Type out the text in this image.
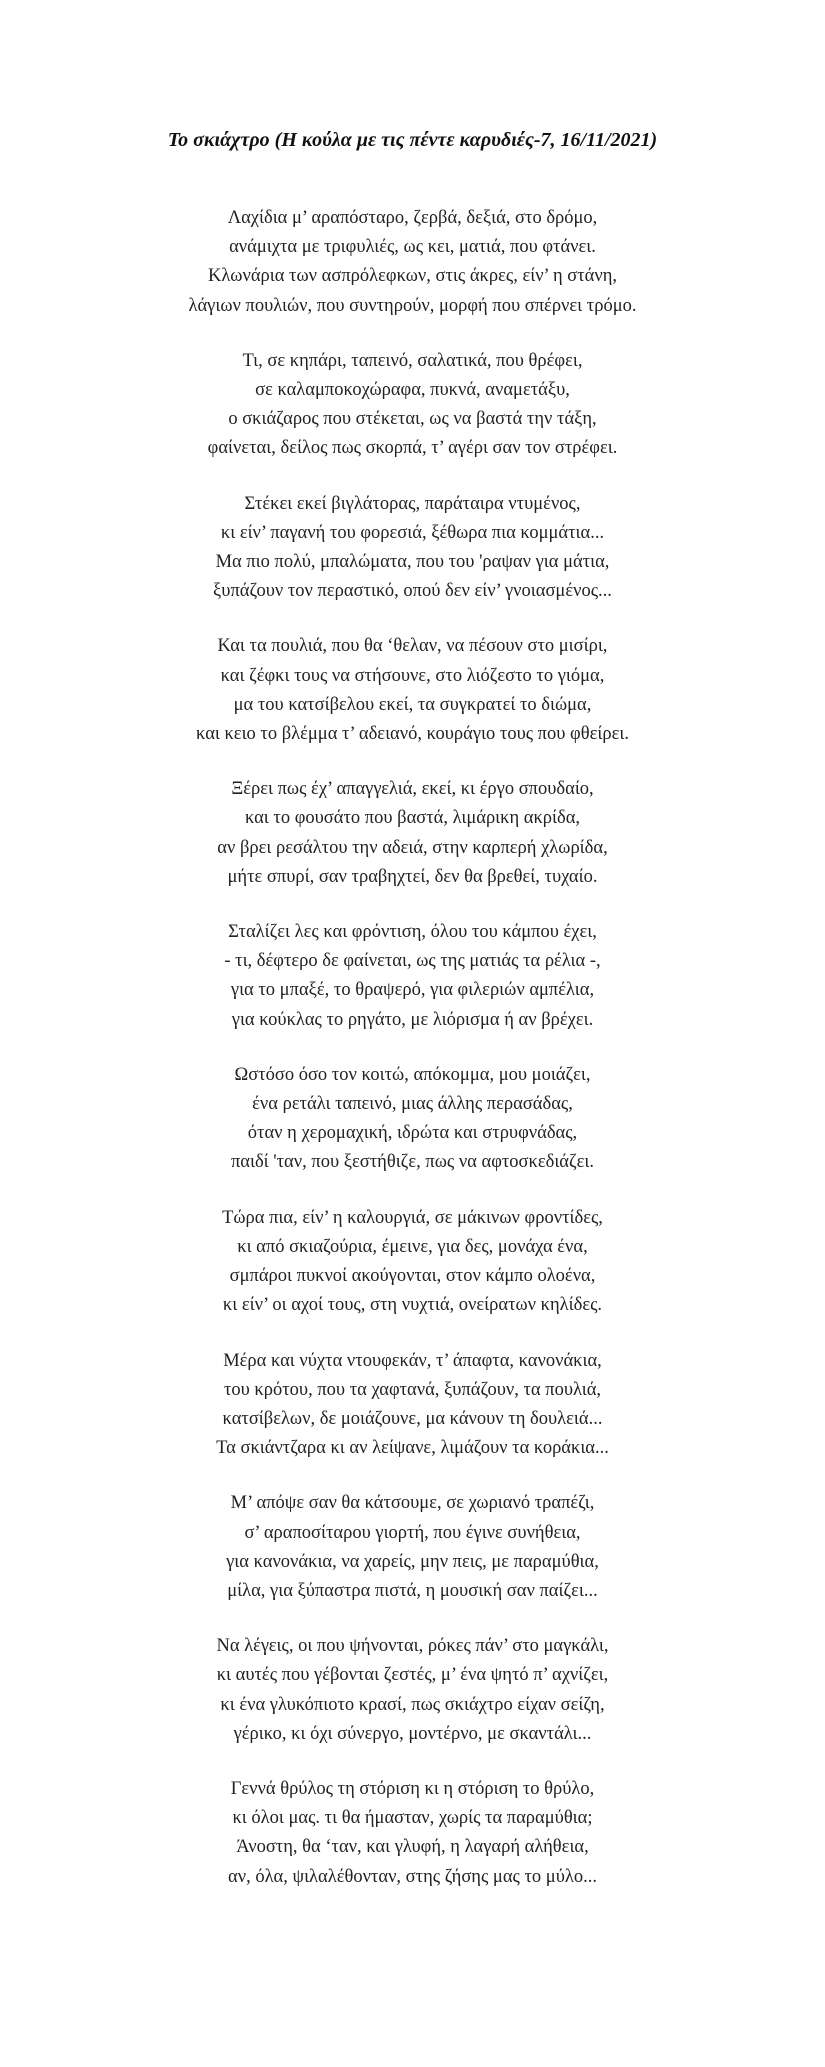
Το σκιάχτρο (Η κούλα με τις πέντε καρυδιές-7, 16/11/2021)
Λαχίδια μ’ αραπόσταρο, ζερβά, δεξιά, στο δρόμο,
ανάμιχτα με τριφυλιές, ως κει, ματιά, που φτάνει.
Κλωνάρια των ασπρόλεφκων, στις άκρες, είν’ η στάνη,
λάγιων πουλιών, που συντηρούν, μορφή που σπέρνει τρόμο.
Τι, σε κηπάρι, ταπεινό, σαλατικά, που θρέφει,
σε καλαμποκοχώραφα, πυκνά, αναμετάξυ,
ο σκιάζαρος που στέκεται, ως να βαστά την τάξη,
φαίνεται, δείλος πως σκορπά, τ’ αγέρι σαν τον στρέφει.
Στέκει εκεί βιγλάτορας, παράταιρα ντυμένος,
κι είν’ παγανή του φορεσιά, ξέθωρα πια κομμάτια...
Μα πιο πολύ, μπαλώματα, που του 'ραψαν για μάτια,
ξυπάζουν τον περαστικό, οπού δεν είν’ γνοιασμένος...
Και τα πουλιά, που θα ‘θελαν, να πέσουν στο μισίρι,
και ζέφκι τους να στήσουνε, στο λιόζεστο το γιόμα,
μα του κατσίβελου εκεί, τα συγκρατεί το διώμα,
και κειο το βλέμμα τ’ αδειανό, κουράγιο τους που φθείρει.
Ξέρει πως έχ’ απαγγελιά, εκεί, κι έργο σπουδαίο,
και το φουσάτο που βαστά, λιμάρικη ακρίδα,
αν βρει ρεσάλτου την αδειά, στην καρπερή χλωρίδα,
μήτε σπυρί, σαν τραβηχτεί, δεν θα βρεθεί, τυχαίο.
Σταλίζει λες και φρόντιση, όλου του κάμπου έχει,
- τι, δέφτερο δε φαίνεται, ως της ματιάς τα ρέλια -,
για το μπαξέ, το θραψερό, για φιλεριών αμπέλια,
για κούκλας το ρηγάτο, με λιόρισμα ή αν βρέχει.
Ωστόσο όσο τον κοιτώ, απόκομμα, μου μοιάζει,
ένα ρετάλι ταπεινό, μιας άλλης περασάδας,
όταν η χερομαχική, ιδρώτα και στρυφνάδας,
παιδί 'ταν, που ξεστήθιζε, πως να αφτοσκεδιάζει.
Τώρα πια, είν’ η καλουργιά, σε μάκινων φροντίδες,
κι από σκιαζούρια, έμεινε, για δες, μονάχα ένα,
σμπάροι πυκνοί ακούγονται, στον κάμπο ολοένα,
κι είν’ οι αχοί τους, στη νυχτιά, ονείρατων κηλίδες.
Μέρα και νύχτα ντουφεκάν, τ’ άπαφτα, κανονάκια,
του κρότου, που τα χαφτανά, ξυπάζουν, τα πουλιά,
κατσίβελων, δε μοιάζουνε, μα κάνουν τη δουλειά...
Τα σκιάντζαρα κι αν λείψανε, λιμάζουν τα κοράκια...
Μ’ απόψε σαν θα κάτσουμε, σε χωριανό τραπέζι,
σ’ αραποσίταρου γιορτή, που έγινε συνήθεια,
για κανονάκια, να χαρείς, μην πεις, με παραμύθια,
μίλα, για ξύπαστρα πιστά, η μουσική σαν παίζει...
Να λέγεις, οι που ψήνονται, ρόκες πάν’ στο μαγκάλι,
κι αυτές που γέβονται ζεστές, μ’ ένα ψητό π’ αχνίζει,
κι ένα γλυκόπιοτο κρασί, πως σκιάχτρο είχαν σείζη,
γέρικο, κι όχι σύνεργο, μοντέρνο, με σκαντάλι...
Γεννά θρύλος τη στόριση κι η στόριση το θρύλο,
κι όλοι μας. τι θα ήμασταν, χωρίς τα παραμύθια;
Άνοστη, θα ‘ταν, και γλυφή, η λαγαρή αλήθεια,
αν, όλα, ψιλαλέθονταν, στης ζήσης μας το μύλο...
